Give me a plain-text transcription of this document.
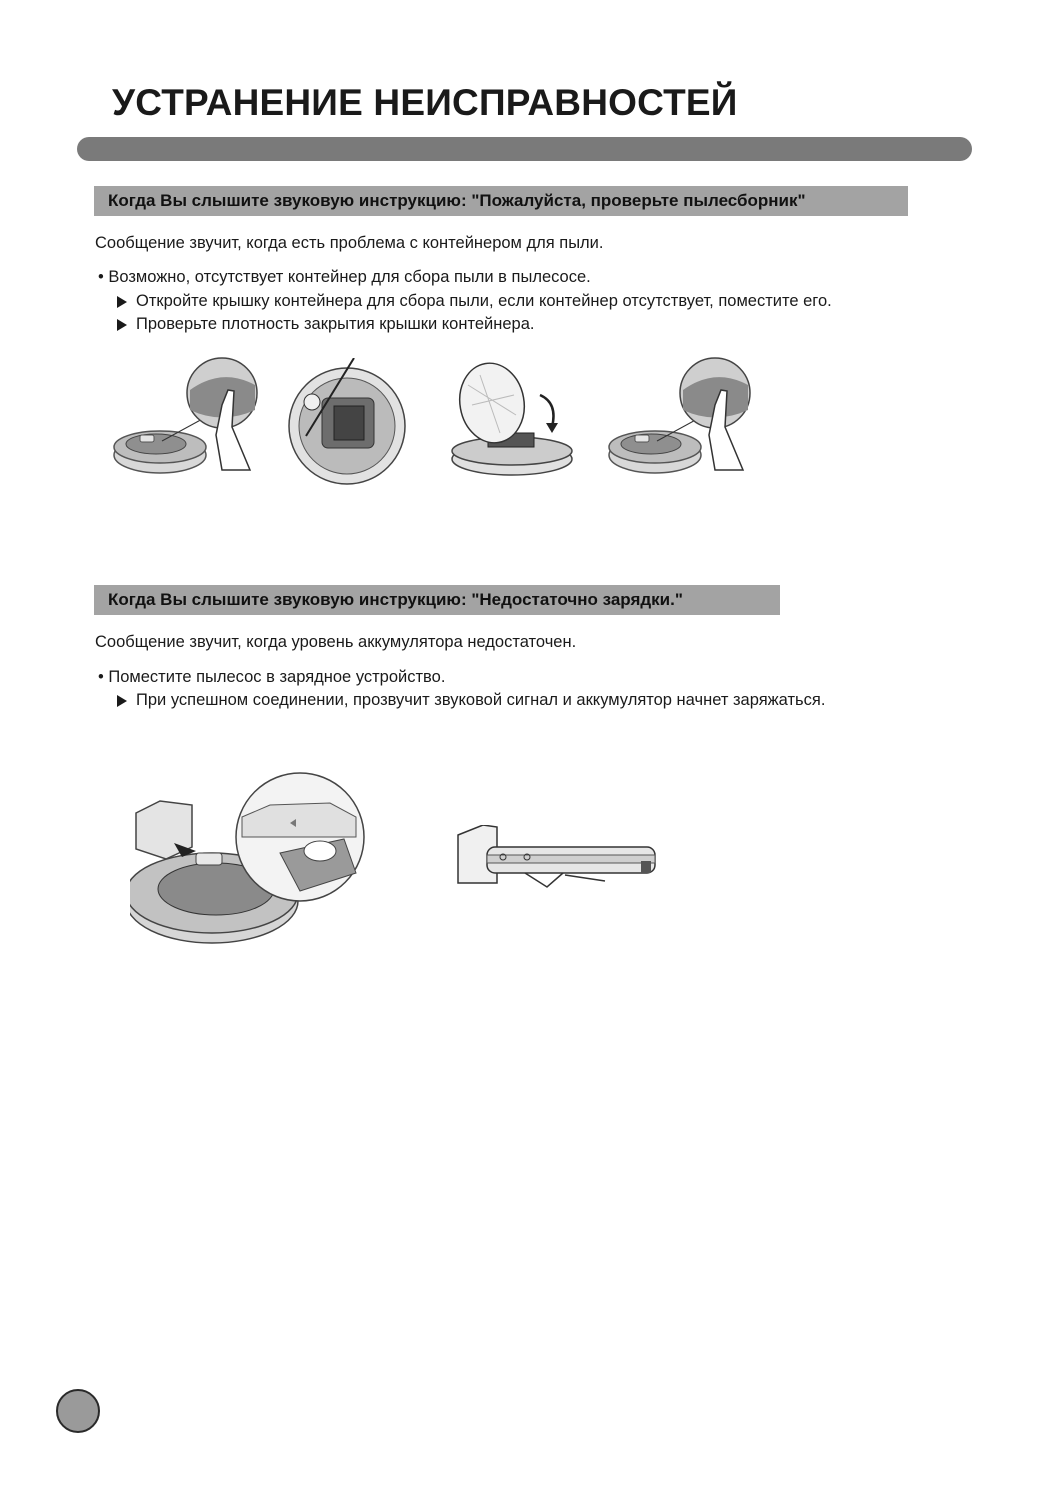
УСТРАНЕНИЕ НЕИСПРАВНОСТЕЙ
Когда Вы слышите звуковую инструкцию: "Пожалуйста, проверьте пылесборник"
Сообщение звучит, когда есть проблема с контейнером для пыли.
• Возможно, отсутствует контейнер для сбора пыли в пылесосе.
Откройте крышку контейнера для сбора пыли, если контейнер отсутствует, поместите его.
Проверьте плотность закрытия крышки контейнера.
Когда Вы слышите звуковую инструкцию: "Недостаточно зарядки."
Сообщение звучит, когда уровень аккумулятора недостаточен.
• Поместите пылесос в зарядное устройство.
При успешном соединении, прозвучит звуковой сигнал и аккумулятор начнет заряжаться.
